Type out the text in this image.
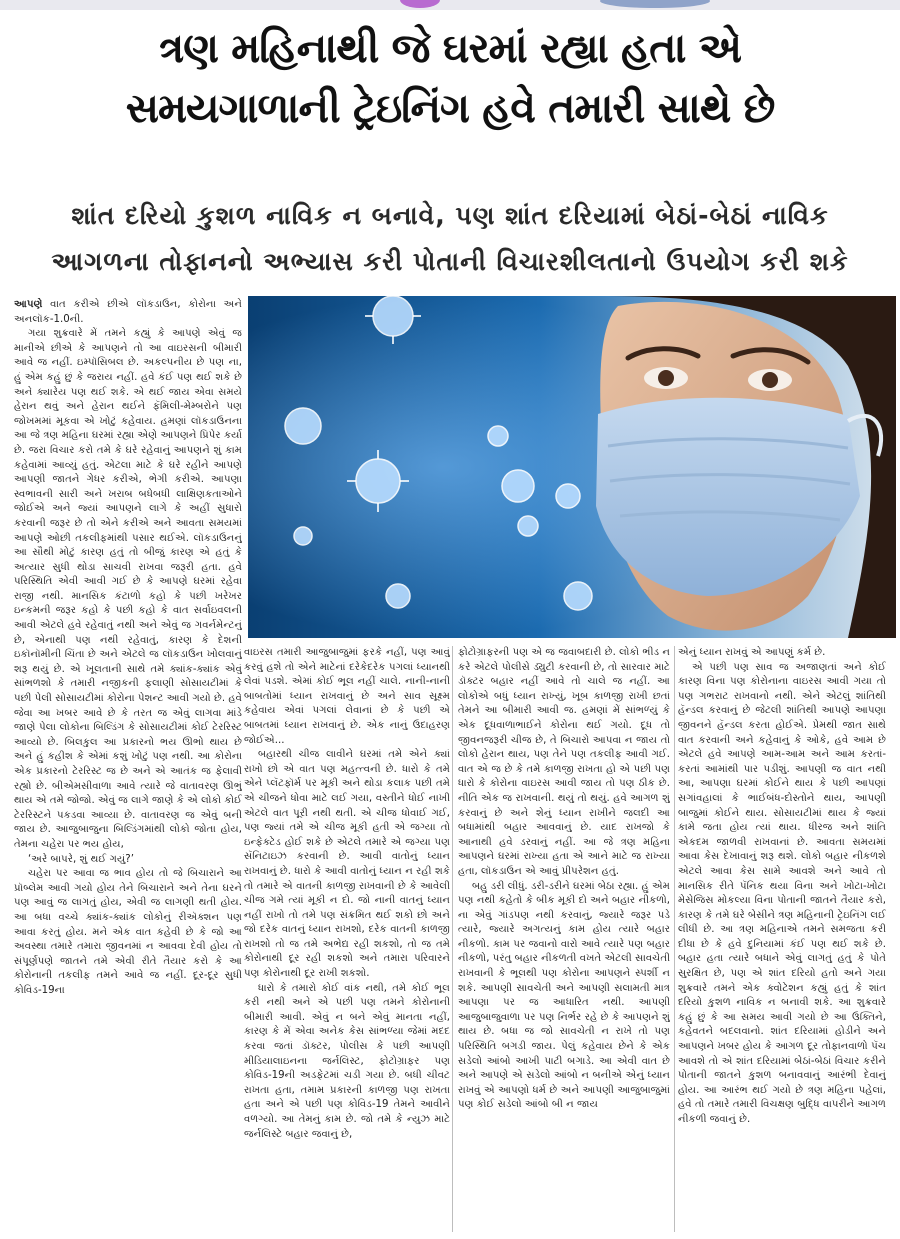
ત્રણ મહિનાથી જે ઘરમાં રહ્યા હતા એ
સમયગાળાની ટ્રેઇનિંગ હવે તમારી સાથે છે
શાંત દરિયો કુશળ નાવિક ન બનાવે, પણ શાંત દરિયામાં બેઠાં-બેઠાં નાવિક
આગળના તોફાનનો અભ્યાસ કરી પોતાની વિચારશીલતાનો ઉપયોગ કરી શકે

આપણે વાત કરીએ છીએ લૉકડાઉન, કોરોના અને અનલૉક-1.0ની.

ગયા શુક્રવારે મેં તમને કહ્યું કે આપણે એવું જ માનીએ છીએ કે આપણને તો આ વાઇરસની બીમારી આવે જ નહીં. ઇમ્પૉસિબલ છે. અકલ્પનીય છે પણ ના, હું એમ કહું છું કે જરાય નહીં. હવે કંઈ પણ થઈ શકે છે અને ક્યારેય પણ થઈ શકે. એ થઈ જાય એવા સમયે હેરાન થવું અને હેરાન થઈને ફૅમિલી-મેમ્બરોને પણ જોખમમાં મૂકવા એ ખોટું કહેવાય. હમણાં લૉકડાઉનના આ જે ત્રણ મહિના ઘરમાં રહ્યા એણે આપણને પ્રિપેર કર્યા છે. જરા વિચાર કરો તમે કે ઘરે રહેવાનું આપણને શું કામ કહેવામાં આવ્યું હતું. એટલા માટે કે ઘરે રહીને આપણે આપણી જાતને ગેધર કરીએ, ભેગી કરીએ. આપણા સ્વભાવની સારી અને ખરાબ બધેબધી લાક્ષિણકતાઓને જોઈએ અને જ્યાં આપણને લાગે કે અહીં સુધારો કરવાની જરૂર છે તો એને કરીએ અને આવતા સમયમાં આપણે ઓછી તકલીફમાંથી પસાર થઈએ. લૉકડાઉનનું આ સૌથી મોટું કારણ હતું તો બીજું કારણ એ હતું કે અત્યાર સુધી થોડા સાચવી રાખવા જરૂરી હતા. હવે પરિસ્થિતિ એવી આવી ગઈ છે કે આપણે ઘરમાં રહેવા રાજી નથી. માનસિક કંટાળો કહો કે પછી ખરેખર ઇન્કમની જરૂર કહો કે પછી કહો કે વાત સર્વાઇવલની આવી એટલે હવે રહેવાતું નથી અને એવું જ ગવર્નમેન્ટનું છે, એનાથી પણ નથી રહેવાતું, કારણ કે દેશની ઇકૉનૉમીની ચિંતા છે અને એટલે જ લૉકડાઉન ખોલવાનું શરૂ થયું છે. એ ખૂલતાની સાથે તમે ક્યાંક-ક્યાંક એવું સાંભળશો કે તમારી નજીકની ફલાણી સોસાયટીમાં કે પછી પેલી સોસાયટીમાં કોરોના પેશન્ટ આવી ગયો છે. હવે જેવા આ ખબર આવે છે કે તરત જ એવું લાગવા માંડે જાણે પેલા લોકોના બિલ્ડિંગ કે સોસાયટીમાં કોઈ ટેરરિસ્ટ આવ્યો છે. બિલકુલ આ પ્રકારનો ભય ઊભો થાય છે અને હું કહીશ કે એમાં કશું ખોટું પણ નથી. આ કોરોના એક પ્રકારનો ટેરરિસ્ટ જ છે અને એ આતંક જ ફેલાવી રહ્યો છે. બીએમસીવાળા આવે ત્યારે જે વાતાવરણ ઊભું થાય એ તમે જોજો. એવું જ લાગે જાણે કે એ લોકો કોઈ ટેરરિસ્ટને પકડવા આવ્યા છે. વાતાવરણ જ એવું બની જાય છે. આજુબાજુના બિલ્ડિંગમાંથી લોકો જોતા હોય, તેમના ચહેરા પર ભય હોય,

‘અરે બાપરે, શું થઈ ગયું?’

ચહેરા પર આવા જ ભાવ હોય તો જે બિચારાને આ પ્રૉબ્લેમ આવી ગયો હોય તેને બિચારાને અને તેના ઘરને પણ આવું જ લાગતું હોય, એવી જ લાગણી થતી હોય. આ બધા વચ્ચે ક્યાંક-ક્યાંક લોકોનું રીઍક્શન પણ આવા કરતું હોય. મને એક વાત કહેવી છે કે જો આ અવસ્થા તમારે તમારા જીવનમાં ન આવવા દેવી હોય તો સંપૂર્ણપણે જાતને તમે એવી રીતે તૈયાર કરો કે આ કોરોનાની તકલીફ તમને આવે જ નહીં. દૂર-દૂર સુધી કોવિડ-19ના

વાઇરસ તમારી આજુબાજુમાં ફરકે નહીં, પણ આવું કરવું હશે તો એને માટેનાં દરેકેદરેક પગલાં ધ્યાનથી લેવાં પડશે. એમાં કોઈ ભૂલ નહીં ચાલે. નાની-નાની બાબતોમાં ધ્યાન રાખવાનું છે અને સાવ સૂક્ષ્મ કહેવાય એવાં પગલાં લેવાનાં છે કે પછી એ બાબતમાં ધ્યાન રાખવાનું છે. એક નાનું ઉદાહરણ જોઈએ...

બહારથી ચીજ લાવીને ઘરમાં તમે એને ક્યાં રાખો છો એ વાત પણ મહત્ત્વની છે. ધારો કે તમે એને પ્લૅટફૉર્મ પર મૂકી અને થોડા કલાક પછી તમે એ ચીજને ધોવા માટે લઈ ગયા, વસ્તીને ધોઈ નાખી એટલે વાત પૂરી નથી થતી. એ ચીજ ધોવાઈ ગઈ, પણ જ્યાં તમે એ ચીજ મૂકી હતી એ જગ્યા તો ઇન્ફેક્ટેડ હોઈ શકે છે એટલે તમારે એ જગ્યા પણ સૅનિટાઇઝ કરવાની છે. આવી વાતોનું ધ્યાન રાખવાનું છે. ધારો કે આવી વાતોનું ધ્યાન ન રહી શકે તો તમારે એ વાતની કાળજી રાખવાની છે કે આવેલી ચીજ ગમે ત્યાં મૂકી ન દો. જો નાની વાતનું ધ્યાન નહીં રાખો તો તમે પણ સંક્રમિત થઈ શકો છો અને જો દરેક વાતનું ધ્યાન રાખશો, દરેક વાતની કાળજી રાખશો તો જ તમે અભેદ્ય રહી શકશો, તો જ તમે કોરોનાથી દૂર રહી શકશો અને તમારા પરિવારને પણ કોરોનાથી દૂર રાખી શકશો.

ધારો કે તમારો કોઈ વાંક નથી, તમે કોઈ ભૂલ કરી નથી અને એ પછી પણ તમને કોરોનાની બીમારી આવી. એવું ન બને એવું માનતા નહીં, કારણ કે મેં એવા અનેક કેસ સાંભળ્યા જેમાં મદદ કરવા જતાં ડૉક્ટર, પોલીસ કે પછી આપણી મીડિયાલાઇનના જર્નલિસ્ટ, ફોટોગ્રાફર પણ કોવિડ-19ની અડફેટમાં ચડી ગયા છે. બધી ચીવટ રાખતા હતા, તમામ પ્રકારની કાળજી પણ રાખતા હતા અને એ પછી પણ કોવિડ-19 તેમને આવીને વળગ્યો. આ તેમનું કામ છે. જો તમે કે ન્યુઝ માટે જર્નલિસ્ટે બહાર જવાનું છે,

ફોટોગ્રાફરની પણ એ જ જવાબદારી છે. લોકો ભીડ ન કરે એટલે પોલીસે ડ્યુટી કરવાની છે, તો સારવાર માટે ડૉક્ટર બહાર નહીં આવે તો ચાલે જ નહીં. આ લોકોએ બધું ધ્યાન રાખ્યું, ખૂબ કાળજી રાખી છતાં તેમને આ બીમારી આવી જ. હમણાં મેં સાંભળ્યું કે એક દૂધવાળાભાઈને કોરોના થઈ ગયો. દૂધ તો જીવનજરૂરી ચીજ છે, તે બિચારો આપવા ન જાય તો લોકો હેરાન થાય, પણ તેને પણ તકલીફ આવી ગઈ. વાત એ જ છે કે તમે કાળજી રાખતા હો એ પછી પણ ધારો કે કોરોના વાઇરસ આવી જાય તો પણ ઠીક છે. નીતિ એક જ રાખવાની. થયું તો થયું. હવે આગળ શું કરવાનું છે અને શેનું ધ્યાન રાખીને જલદી આ બધામાંથી બહાર આવવાનું છે. યાદ રાખજો કે આનાથી હવે ડરવાનું નહીં. આ જે ત્રણ મહિના આપણને ઘરમાં રાખ્યા હતા એ આને માટે જ રાખ્યા હતા, લૉકડાઉન એ આવું પ્રીપરેશન હતું.

બહુ ડરી લીધું. ડરી-ડરીને ઘરમાં બેઠા રહ્યા. હું એમ પણ નથી કહેતો કે બીક મૂકી દો અને બહાર નીકળો, ના એવું ગાંડપણ નથી કરવાનું, જ્યારે જરૂર પડે ત્યારે, જ્યારે અગત્યનું કામ હોય ત્યારે બહાર નીકળો. કામ પર જવાનો વારો આવે ત્યારે પણ બહાર નીકળો, પરંતુ બહાર નીકળતી વખતે એટલી સાવચેતી રાખવાની કે ભૂલથી પણ કોરોના આપણને સ્પર્શી ન શકે. આપણી સાવચેતી અને આપણી સલામતી માત્ર આપણા પર જ આધારિત નથી. આપણી આજુબાજુવાળા પર પણ નિર્ભર રહે છે કે આપણને શું થાય છે. બધા જ જો સાવચેતી ન રાખે તો પણ પરિસ્થિતિ બગડી જાય. પેલું કહેવાય છેને કે એક સડેલો આંબો આખી પાટી બગાડે. આ એવી વાત છે અને આપણે એ સડેલો આંબો ન બનીએ એનું ધ્યાન રાખવું એ આપણો ધર્મ છે અને આપણી આજુબાજુમાં પણ કોઈ સડેલો આંબો બી ન જાય

એનું ધ્યાન રાખવું એ આપણું કર્મ છે.

એ પછી પણ સાવ જ અજાણતાં અને કોઈ કારણ વિના પણ કોરોનાના વાઇરસ આવી ગયા તો પણ ગભરાટ રાખવાનો નથી. એને એટલું શાંતિથી હૅન્ડલ કરવાનું છે જેટલી શાંતિથી આપણે આપણા જીવનને હૅન્ડલ કરતા હોઈએ. પ્રેમથી જાત સાથે વાત કરવાની અને કહેવાનું કે ઓકે, હવે આમ છે એટલે હવે આપણે આમ-આમ અને આમ કરતાં-કરતાં આમાંથી પાર પડીશું. આપણી જ વાત નથી આ, આપણા ઘરમાં કોઈને થાય કે પછી આપણાં સગાંવહાલાં કે ભાઈબંધ-દોસ્તોને થાય, આપણી બાજુમાં કોઈને થાય. સોસાયટીમાં થાય કે જ્યાં કામે જતા હોય ત્યાં થાય. ધીરજ અને શાંતિ એકદમ જાળવી રાખવાનાં છે. આવતા સમયમાં આવા કેસ દેખાવાનું શરૂ થશે. લોકો બહાર નીકળશે એટલે આવા કેસ સામે આવશે અને આવે તો માનસિક રીતે પૅનિક થયા વિના અને ખોટા-ખોટા મેસેજિસ મોકલ્યા વિના પોતાની જાતને તૈયાર કરો, કારણ કે તમે ઘરે બેસીને ત્રણ મહિનાની ટ્રેઇનિંગ લઈ લીધી છે. આ ત્રણ મહિનાએ તમને સમજતા કરી દીધા છે કે હવે દુનિયામાં કંઈ પણ થઈ શકે છે. બહાર હતા ત્યારે બધાને એવું લાગતું હતું કે પોતે સુરક્ષિત છે, પણ એ શાંત દરિયો હતો અને ગયા શુક્રવારે તમને એક ક્વોટેશન કહ્યું હતું કે શાંત દરિયો કુશળ નાવિક ન બનાવી શકે. આ શુક્રવારે કહું છું કે આ સમય આવી ગયો છે આ ઉક્તિને, કહેવતને બદલવાનો. શાંત દરિયામાં હોડીને અને આપણને ખબર હોય કે આગળ દૂર તોફાનવાળો પૅચ આવશે તો એ શાંત દરિયામાં બેઠાં-બેઠાં વિચાર કરીને પોતાની જાતને કુશળ બનાવવાનું આરંભી દેવાનું હોય. આ આરંભ થઈ ગયો છે ત્રણ મહિના પહેલાં, હવે તો તમારે તમારી વિચક્ષણ બુદ્ધિ વાપરીને આગળ નીકળી જવાનું છે.
